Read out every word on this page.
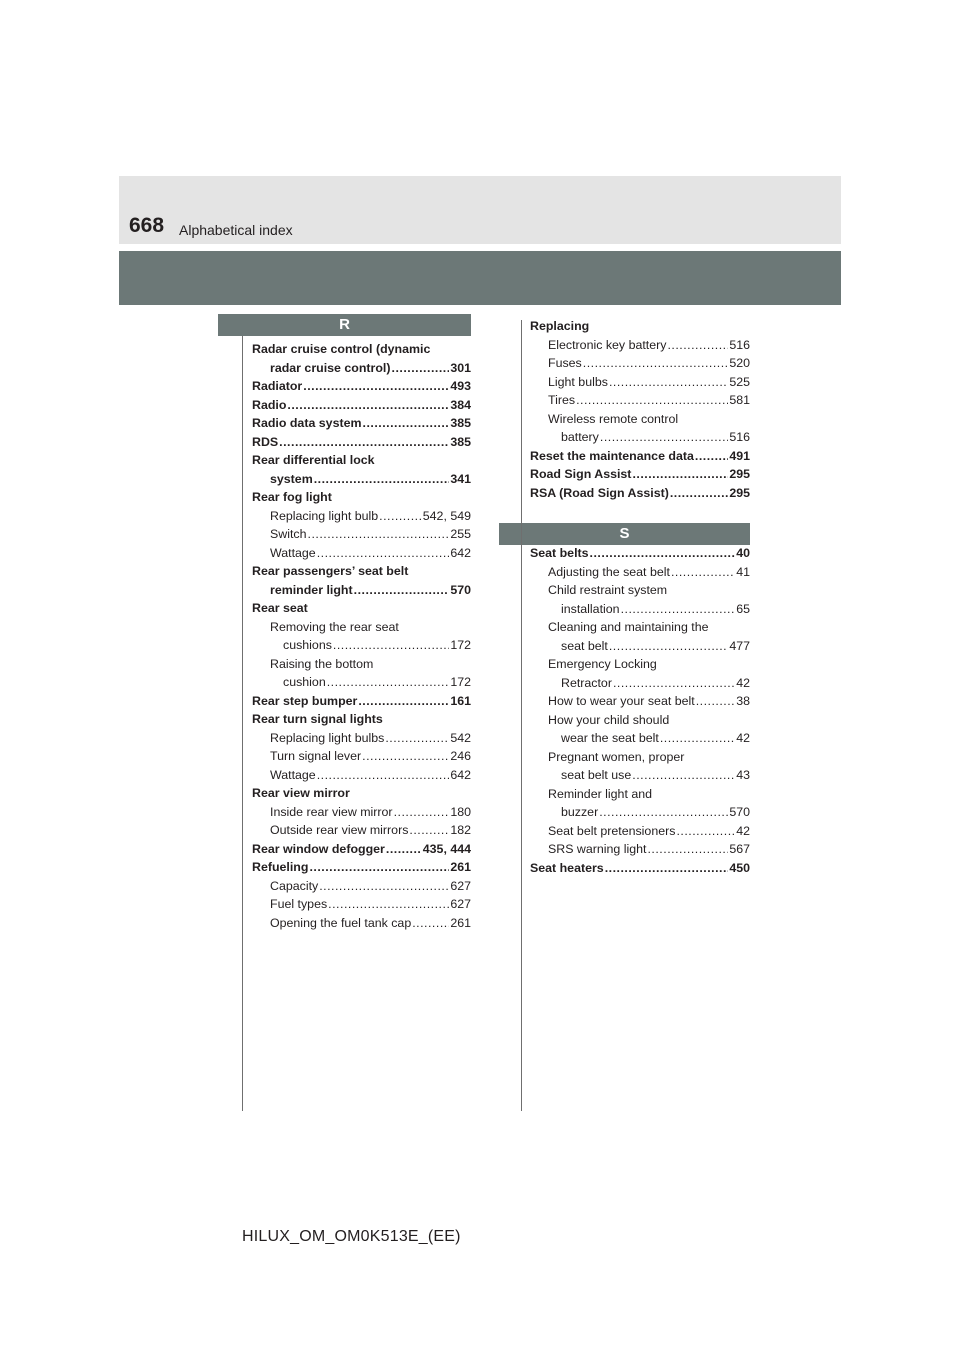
668 Alphabetical index
R
S
Radar cruise control (dynamic
radar cruise control) .....	301
Radiator .....	493
Radio .....	384
Radio data system .....	385
RDS .....	385
Rear differential lock
system .....	341
Rear fog light
Replacing light bulb .....	542, 549
Switch .....	255
Wattage .....	642
Rear passengers’ seat belt
reminder light .....	570
Rear seat
Removing the rear seat
cushions .....	172
Raising the bottom
cushion .....	172
Rear step bumper .....	161
Rear turn signal lights
Replacing light bulbs .....	542
Turn signal lever .....	246
Wattage .....	642
Rear view mirror
Inside rear view mirror .....	180
Outside rear view mirrors .....	182
Rear window defogger .....	435, 444
Refueling .....	261
Capacity .....	627
Fuel types .....	627
Opening the fuel tank cap .....	261
Replacing
Electronic key battery .....	516
Fuses .....	520
Light bulbs .....	525
Tires .....	581
Wireless remote control
battery .....	516
Reset the maintenance data .....	491
Road Sign Assist .....	295
RSA (Road Sign Assist) .....	295
Seat belts .....	40
Adjusting the seat belt .....	41
Child restraint system
installation .....	65
Cleaning and maintaining the
seat belt .....	477
Emergency Locking
Retractor .....	42
How to wear your seat belt .....	38
How your child should
wear the seat belt .....	42
Pregnant women, proper
seat belt use .....	43
Reminder light and
buzzer .....	570
Seat belt pretensioners .....	42
SRS warning light .....	567
Seat heaters .....	450
HILUX_OM_OM0K513E_(EE)
